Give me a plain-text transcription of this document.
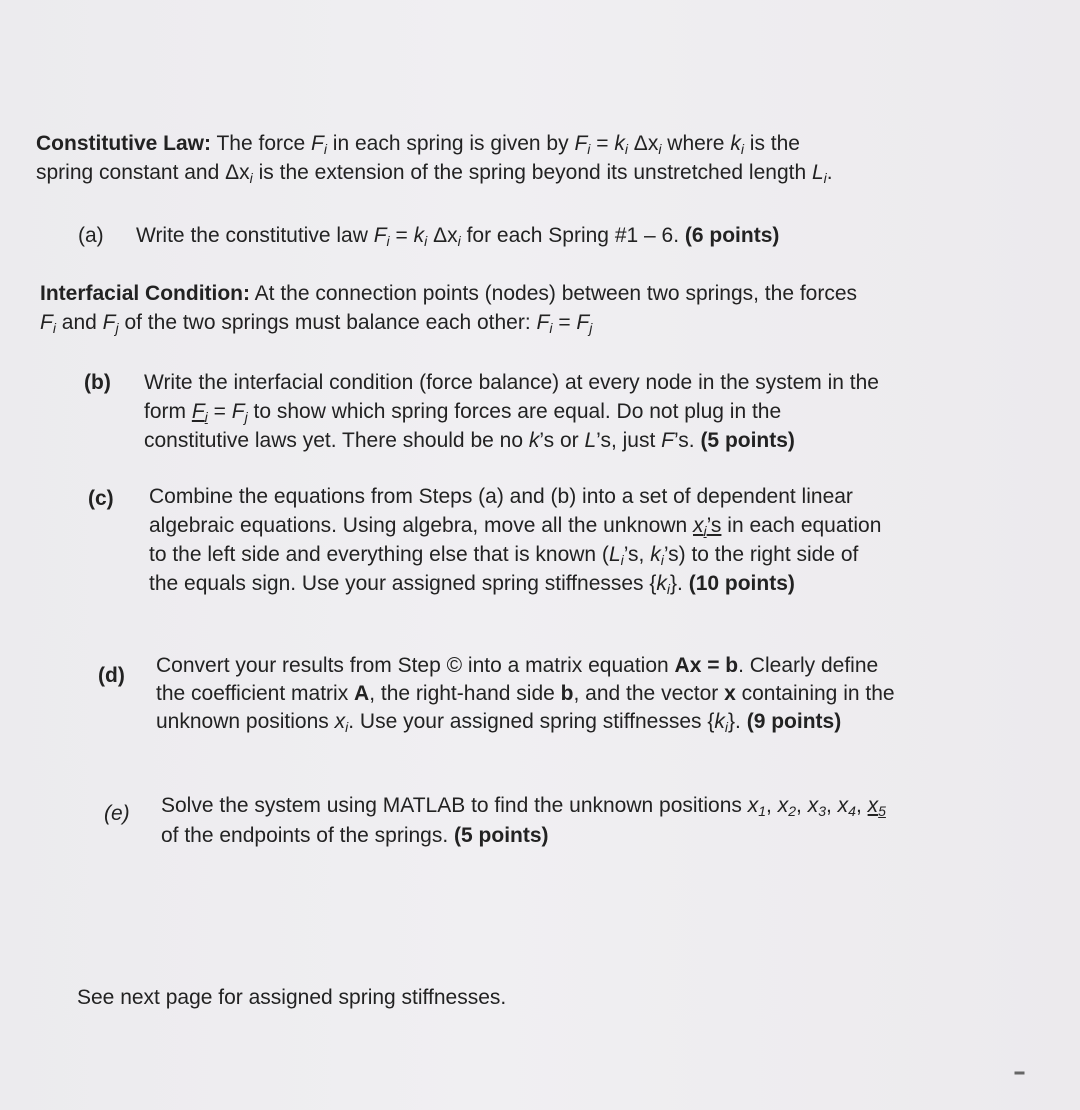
Constitutive Law: The force $F_i$ in each spring is given by $F_i = k_i$ $\Delta x_i$ where $k_i$ is the
spring constant and $\Delta x_i$ is the extension of the spring beyond its unstretched length $L_i$.
(a) Write the constitutive law $F_i = k_i$ $\Delta x_i$ for each Spring #1 – 6. (6 points)
Interfacial Condition: At the connection points (nodes) between two springs, the forces
$F_i$ and $F_j$ of the two springs must balance each other: $F_i = F_j$
(b) Write the interfacial condition (force balance) at every node in the system in the
form $F_i = F_j$ to show which spring forces are equal. Do not plug in the
constitutive laws yet. There should be no k’s or L’s, just F’s. (5 points)
(c) Combine the equations from Steps (a) and (b) into a set of dependent linear
algebraic equations. Using algebra, move all the unknown $x_i’s$ in each equation
to the left side and everything else that is known ($L_i’s$, $k_i’s$) to the right side of
the equals sign. Use your assigned spring stiffnesses $\{k_i\}$. (10 points)
(d) Convert your results from Step © into a matrix equation Ax = b. Clearly define
the coefficient matrix A, the right-hand side b, and the vector x containing in the
unknown positions $x_i$. Use your assigned spring stiffnesses $\{k_i\}$. (9 points)
(e) Solve the system using MATLAB to find the unknown positions $x_1$, $x_2$, $x_3$, $x_4$, $x_5$
of the endpoints of the springs. (5 points)
See next page for assigned spring stiffnesses.
